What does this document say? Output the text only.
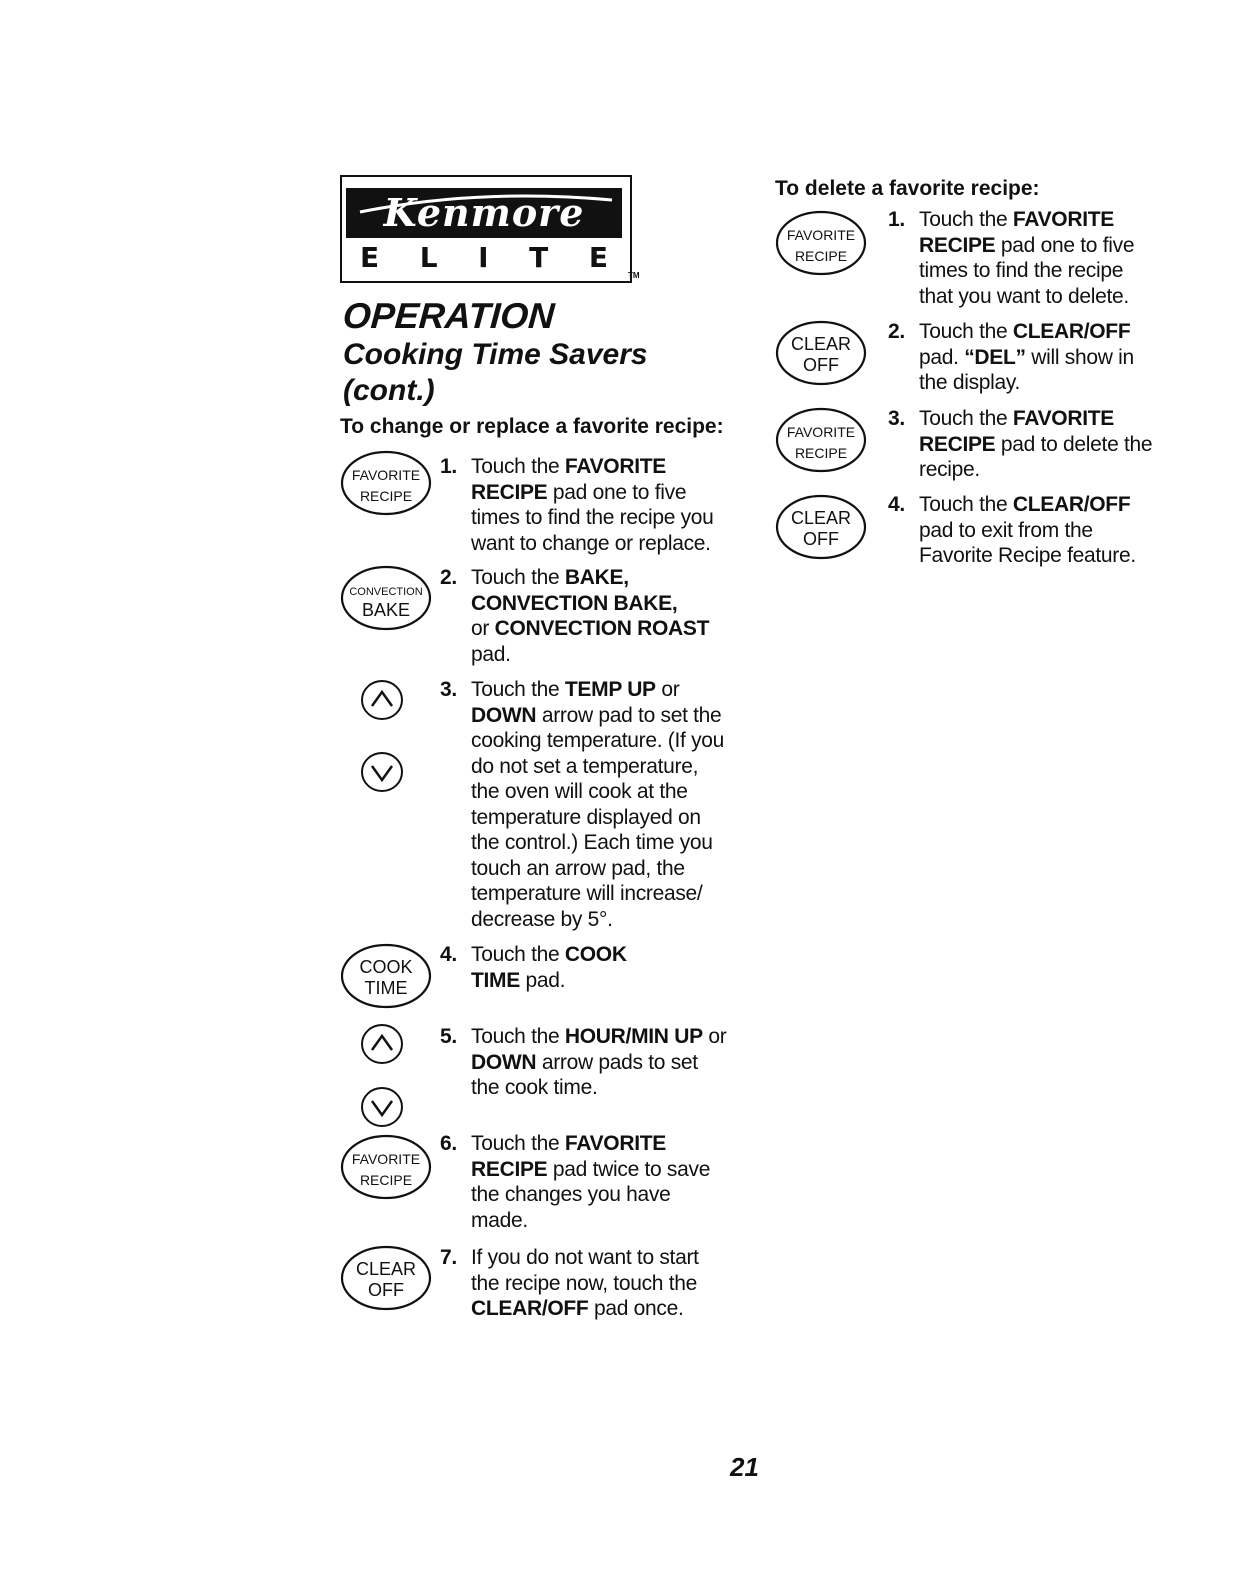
Kenmore
E L I T E
TM
OPERATION
Cooking Time Savers
(cont.)
To change or replace a favorite recipe:
To delete a favorite recipe:
1. Touch the FAVORITE
RECIPE pad one to five
times to find the recipe you
want to change or replace.
2. Touch the BAKE,
CONVECTION BAKE,
or CONVECTION ROAST
pad.
3. Touch the TEMP UP or
DOWN arrow pad to set the
cooking temperature. (If you
do not set a temperature,
the oven will cook at the
temperature displayed on
the control.) Each time you
touch an arrow pad, the
temperature will increase/
decrease by 5°.
4. Touch the COOK
TIME pad.
5. Touch the HOUR/MIN UP or
DOWN arrow pads to set
the cook time.
6. Touch the FAVORITE
RECIPE pad twice to save
the changes you have
made.
7. If you do not want to start
the recipe now, touch the
CLEAR/OFF pad once.
1. Touch the FAVORITE
RECIPE pad one to five
times to find the recipe
that you want to delete.
2. Touch the CLEAR/OFF
pad. “DEL” will show in
the display.
3. Touch the FAVORITE
RECIPE pad to delete the
recipe.
4. Touch the CLEAR/OFF
pad to exit from the
Favorite Recipe feature.
FAVORITE
RECIPE
CONVECTION
BAKE
COOK
TIME
FAVORITE
RECIPE
CLEAR
OFF
FAVORITE
RECIPE
CLEAR
OFF
FAVORITE
RECIPE
CLEAR
OFF
21
